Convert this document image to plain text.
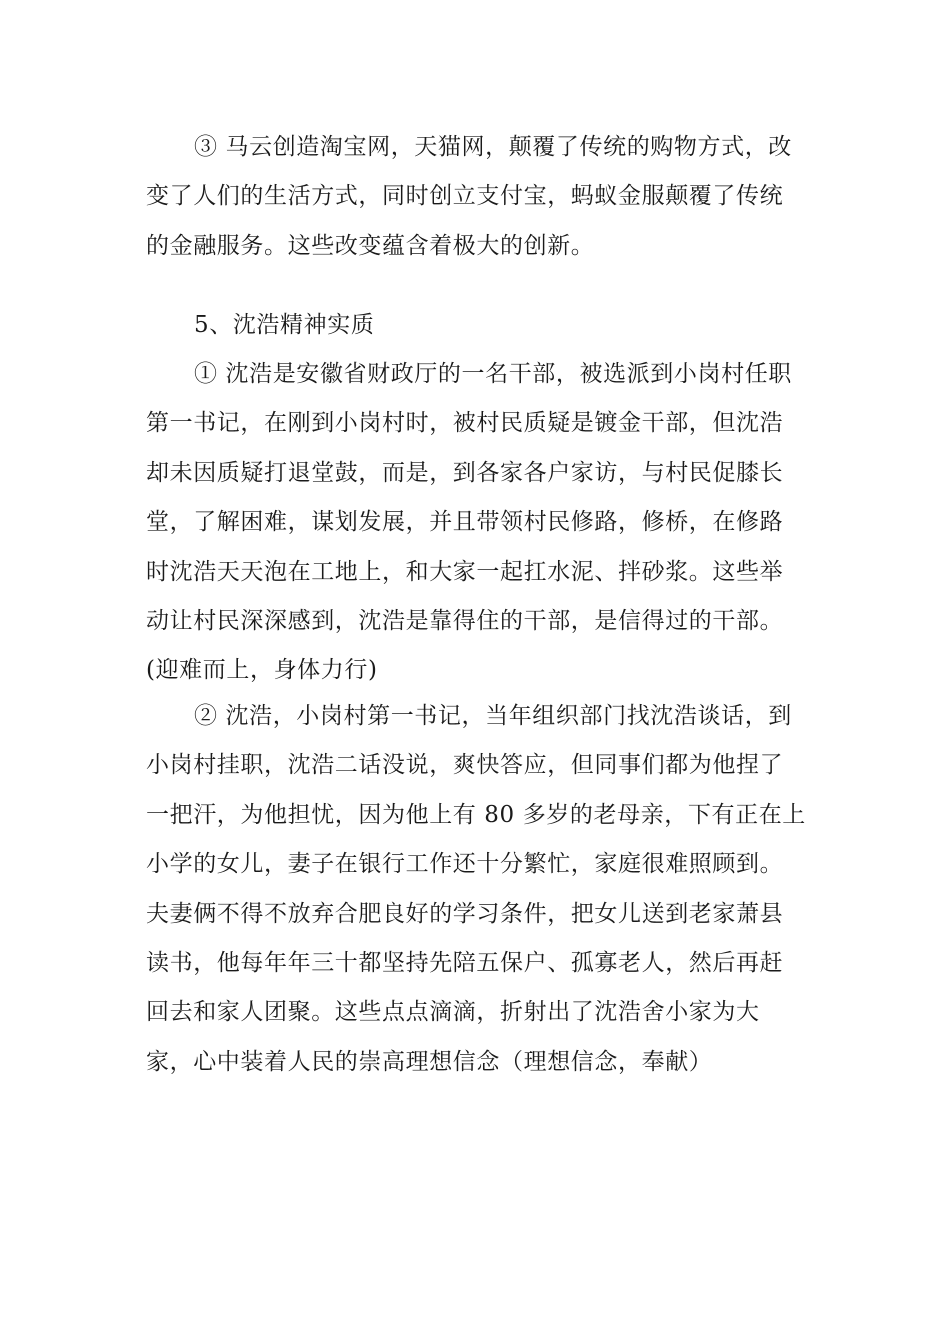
③ 马云创造淘宝网，天猫网，颠覆了传统的购物方式，改变了人们的生活方式，同时创立支付宝，蚂蚁金服颠覆了传统的金融服务。这些改变蕴含着极大的创新。

5、沈浩精神实质

① 沈浩是安徽省财政厅的一名干部，被选派到小岗村任职第一书记，在刚到小岗村时，被村民质疑是镀金干部，但沈浩却未因质疑打退堂鼓，而是，到各家各户家访，与村民促膝长堂，了解困难，谋划发展，并且带领村民修路，修桥，在修路时沈浩天天泡在工地上，和大家一起扛水泥、拌砂浆。这些举动让村民深深感到，沈浩是靠得住的干部，是信得过的干部。(迎难而上，身体力行)

② 沈浩，小岗村第一书记，当年组织部门找沈浩谈话，到小岗村挂职，沈浩二话没说，爽快答应，但同事们都为他捏了一把汗，为他担忧，因为他上有 80 多岁的老母亲，下有正在上小学的女儿，妻子在银行工作还十分繁忙，家庭很难照顾到。夫妻俩不得不放弃合肥良好的学习条件，把女儿送到老家萧县读书，他每年年三十都坚持先陪五保户、孤寡老人，然后再赶回去和家人团聚。这些点点滴滴，折射出了沈浩舍小家为大家，心中装着人民的崇高理想信念（理想信念，奉献）
